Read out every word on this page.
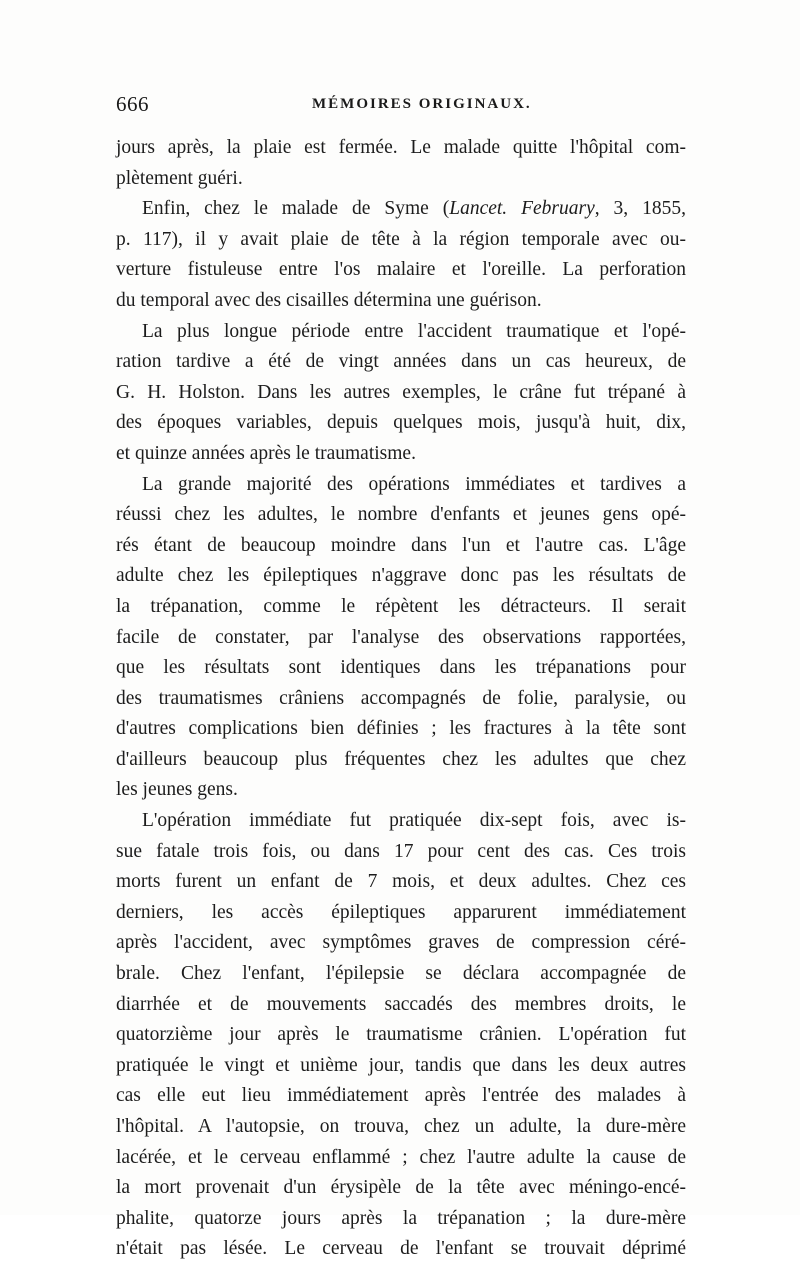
666	MÉMOIRES ORIGINAUX.
jours après, la plaie est fermée. Le malade quitte l'hôpital com-
plètement guéri.
Enfin, chez le malade de Syme (Lancet. February, 3, 1855,
p. 117), il y avait plaie de tête à la région temporale avec ou-
verture fistuleuse entre l'os malaire et l'oreille. La perforation
du temporal avec des cisailles détermina une guérison.
La plus longue période entre l'accident traumatique et l'opé-
ration tardive a été de vingt années dans un cas heureux, de
G. H. Holston. Dans les autres exemples, le crâne fut trépané à
des époques variables, depuis quelques mois, jusqu'à huit, dix,
et quinze années après le traumatisme.
La grande majorité des opérations immédiates et tardives a
réussi chez les adultes, le nombre d'enfants et jeunes gens opé-
rés étant de beaucoup moindre dans l'un et l'autre cas. L'âge
adulte chez les épileptiques n'aggrave donc pas les résultats de
la trépanation, comme le répètent les détracteurs. Il serait
facile de constater, par l'analyse des observations rapportées,
que les résultats sont identiques dans les trépanations pour
des traumatismes crâniens accompagnés de folie, paralysie, ou
d'autres complications bien définies ; les fractures à la tête sont
d'ailleurs beaucoup plus fréquentes chez les adultes que chez
les jeunes gens.
L'opération immédiate fut pratiquée dix-sept fois, avec is-
sue fatale trois fois, ou dans 17 pour cent des cas. Ces trois
morts furent un enfant de 7 mois, et deux adultes. Chez ces
derniers, les accès épileptiques apparurent immédiatement
après l'accident, avec symptômes graves de compression céré-
brale. Chez l'enfant, l'épilepsie se déclara accompagnée de
diarrhée et de mouvements saccadés des membres droits, le
quatorzième jour après le traumatisme crânien. L'opération fut
pratiquée le vingt et unième jour, tandis que dans les deux autres
cas elle eut lieu immédiatement après l'entrée des malades à
l'hôpital. A l'autopsie, on trouva, chez un adulte, la dure-mère
lacérée, et le cerveau enflammé ; chez l'autre adulte la cause de
la mort provenait d'un érysipèle de la tête avec méningo-encé-
phalite, quatorze jours après la trépanation ; la dure-mère
n'était pas lésée. Le cerveau de l'enfant se trouvait déprimé
